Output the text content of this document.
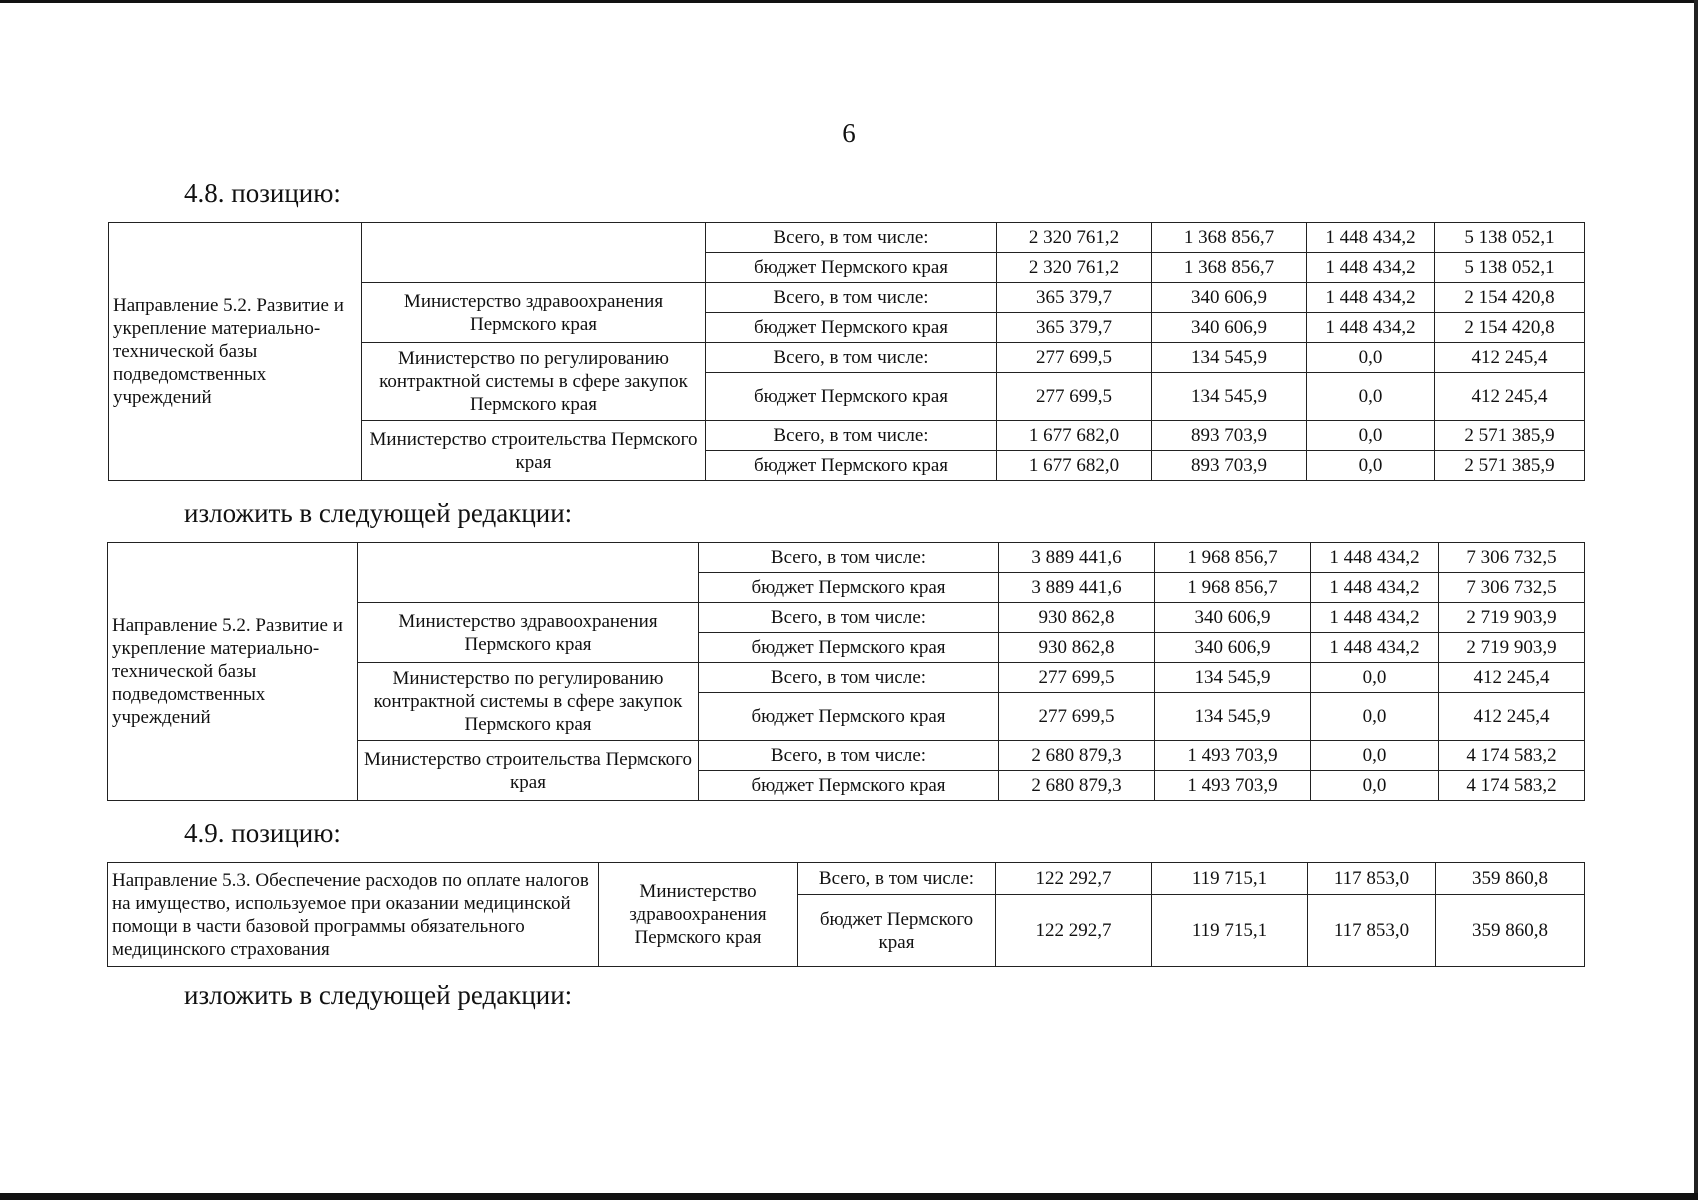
6
4.8. позицию:
Направление 5.2. Развитие и укрепление материально-технической базы подведомственных учреждений		Всего, в том числе:	2 320 761,2	1 368 856,7	1 448 434,2	5 138 052,1
		бюджет Пермского края	2 320 761,2	1 368 856,7	1 448 434,2	5 138 052,1
	Министерство здравоохранения Пермского края	Всего, в том числе:	365 379,7	340 606,9	1 448 434,2	2 154 420,8
		бюджет Пермского края	365 379,7	340 606,9	1 448 434,2	2 154 420,8
	Министерство по регулированию контрактной системы в сфере закупок Пермского края	Всего, в том числе:	277 699,5	134 545,9	0,0	412 245,4
		бюджет Пермского края	277 699,5	134 545,9	0,0	412 245,4
	Министерство строительства Пермского края	Всего, в том числе:	1 677 682,0	893 703,9	0,0	2 571 385,9
		бюджет Пермского края	1 677 682,0	893 703,9	0,0	2 571 385,9
изложить в следующей редакции:
Направление 5.2. Развитие и укрепление материально-технической базы подведомственных учреждений		Всего, в том числе:	3 889 441,6	1 968 856,7	1 448 434,2	7 306 732,5
		бюджет Пермского края	3 889 441,6	1 968 856,7	1 448 434,2	7 306 732,5
	Министерство здравоохранения Пермского края	Всего, в том числе:	930 862,8	340 606,9	1 448 434,2	2 719 903,9
		бюджет Пермского края	930 862,8	340 606,9	1 448 434,2	2 719 903,9
	Министерство по регулированию контрактной системы в сфере закупок Пермского края	Всего, в том числе:	277 699,5	134 545,9	0,0	412 245,4
		бюджет Пермского края	277 699,5	134 545,9	0,0	412 245,4
	Министерство строительства Пермского края	Всего, в том числе:	2 680 879,3	1 493 703,9	0,0	4 174 583,2
		бюджет Пермского края	2 680 879,3	1 493 703,9	0,0	4 174 583,2
4.9. позицию:
Направление 5.3. Обеспечение расходов по оплате налогов на имущество, используемое при оказании медицинской помощи в части базовой программы обязательного медицинского страхования	Министерство здравоохранения Пермского края	Всего, в том числе:	122 292,7	119 715,1	117 853,0	359 860,8
		бюджет Пермского края	122 292,7	119 715,1	117 853,0	359 860,8
изложить в следующей редакции:
